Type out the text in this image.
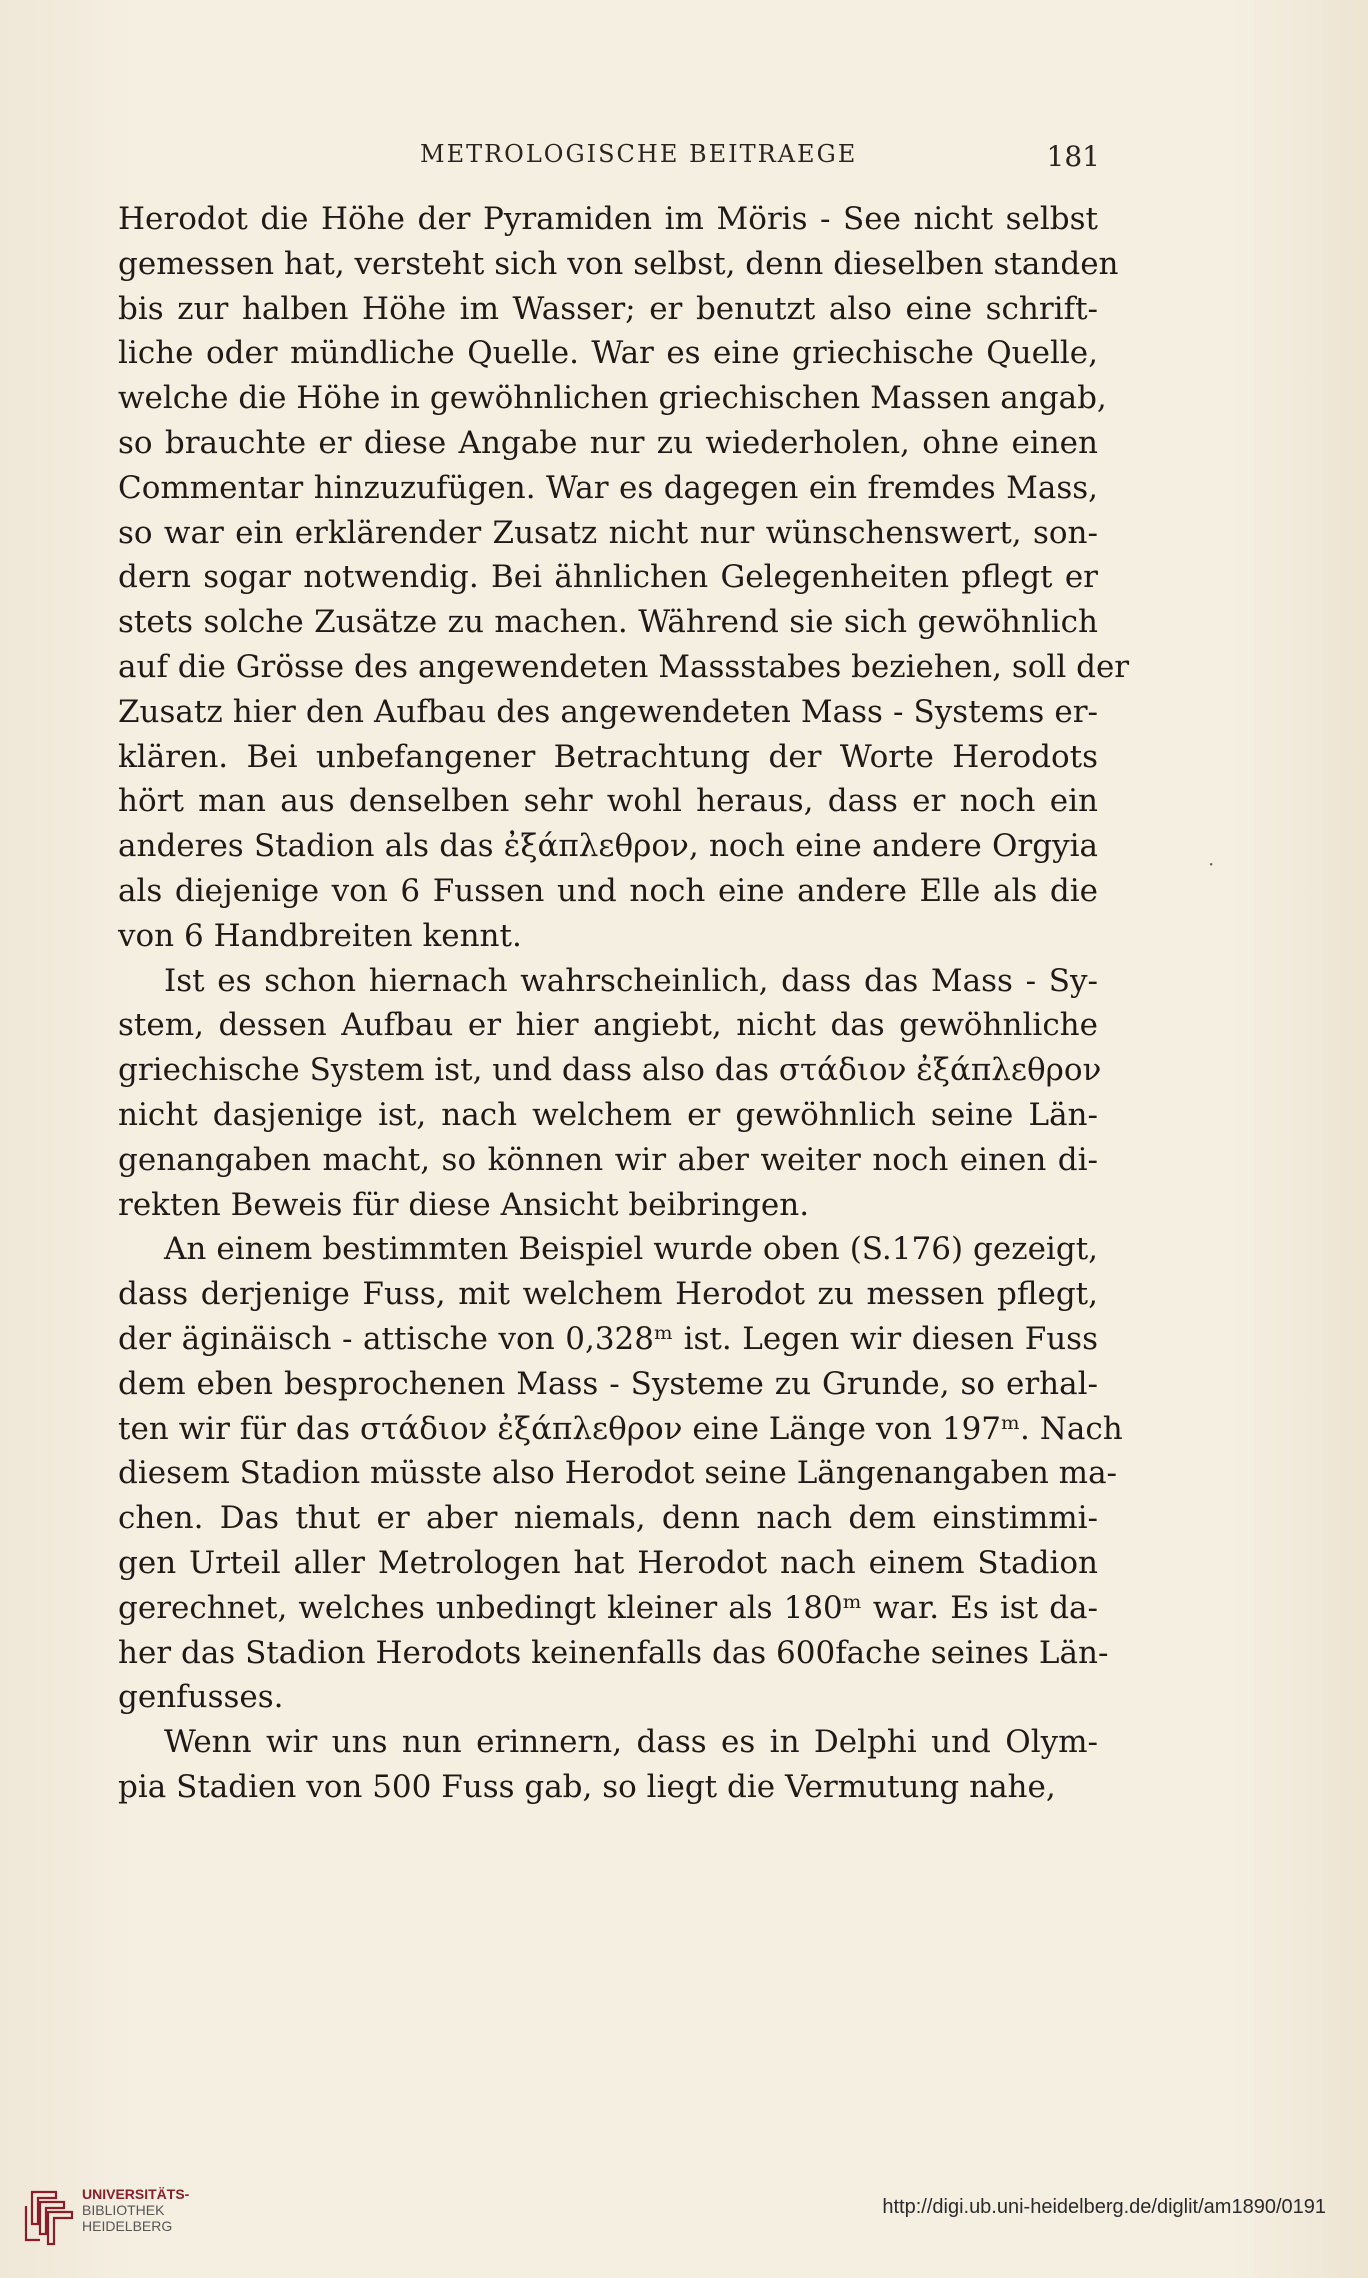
METROLOGISCHE BEITRAEGE	181
Herodot die Höhe der Pyramiden im Möris - See nicht selbst
gemessen hat, versteht sich von selbst, denn dieselben standen
bis zur halben Höhe im Wasser; er benutzt also eine schrift-
liche oder mündliche Quelle. War es eine griechische Quelle,
welche die Höhe in gewöhnlichen griechischen Massen angab,
so brauchte er diese Angabe nur zu wiederholen, ohne einen
Commentar hinzuzufügen. War es dagegen ein fremdes Mass,
so war ein erklärender Zusatz nicht nur wünschenswert, son-
dern sogar notwendig. Bei ähnlichen Gelegenheiten pflegt er
stets solche Zusätze zu machen. Während sie sich gewöhnlich
auf die Grösse des angewendeten Massstabes beziehen, soll der
Zusatz hier den Aufbau des angewendeten Mass - Systems er-
klären. Bei unbefangener Betrachtung der Worte Herodots
hört man aus denselben sehr wohl heraus, dass er noch ein
anderes Stadion als das ἐξάπλεθρον, noch eine andere Orgyia
als diejenige von 6 Fussen und noch eine andere Elle als die
von 6 Handbreiten kennt.
Ist es schon hiernach wahrscheinlich, dass das Mass - Sy-
stem, dessen Aufbau er hier angiebt, nicht das gewöhnliche
griechische System ist, und dass also das στάδιον ἐξάπλεθρον
nicht dasjenige ist, nach welchem er gewöhnlich seine Län-
genangaben macht, so können wir aber weiter noch einen di-
rekten Beweis für diese Ansicht beibringen.
An einem bestimmten Beispiel wurde oben (S.176) gezeigt,
dass derjenige Fuss, mit welchem Herodot zu messen pflegt,
der äginäisch - attische von 0,328ᵐ ist. Legen wir diesen Fuss
dem eben besprochenen Mass - Systeme zu Grunde, so erhal-
ten wir für das στάδιον ἐξάπλεθρον eine Länge von 197ᵐ. Nach
diesem Stadion müsste also Herodot seine Längenangaben ma-
chen. Das thut er aber niemals, denn nach dem einstimmi-
gen Urteil aller Metrologen hat Herodot nach einem Stadion
gerechnet, welches unbedingt kleiner als 180ᵐ war. Es ist da-
her das Stadion Herodots keinenfalls das 600fache seines Län-
genfusses.
Wenn wir uns nun erinnern, dass es in Delphi und Olym-
pia Stadien von 500 Fuss gab, so liegt die Vermutung nahe,
·
UNIVERSITÄTS-
BIBLIOTHEK
HEIDELBERG
http://digi.ub.uni-heidelberg.de/diglit/am1890/0191
